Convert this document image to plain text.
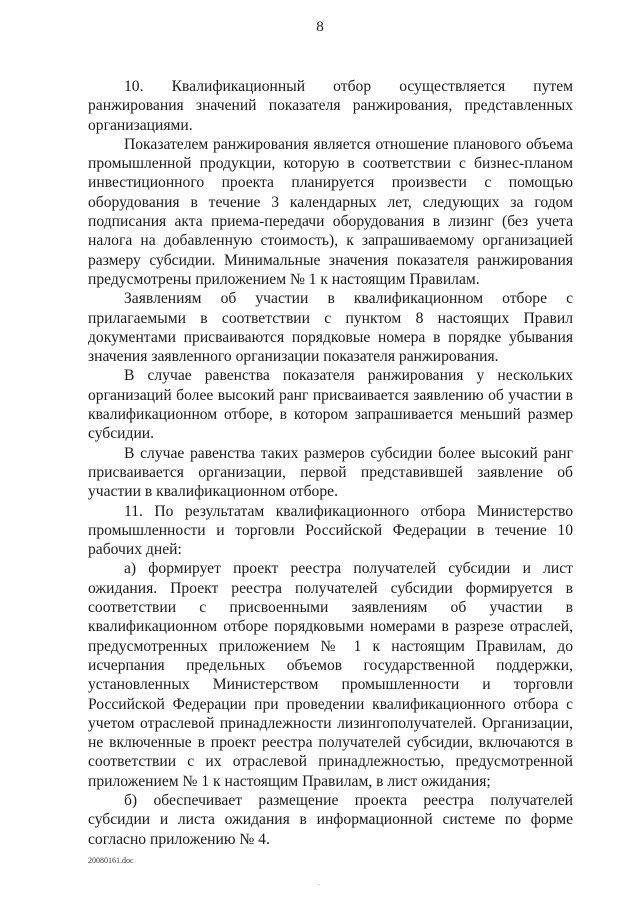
8

10. Квалификационный отбор осуществляется путем ранжирования значений показателя ранжирования, представленных организациями.

Показателем ранжирования является отношение планового объема промышленной продукции, которую в соответствии с бизнес-планом инвестиционного проекта планируется произвести с помощью оборудования в течение 3 календарных лет, следующих за годом подписания акта приема-передачи оборудования в лизинг (без учета налога на добавленную стоимость), к запрашиваемому организацией размеру субсидии. Минимальные значения показателя ранжирования предусмотрены приложением № 1 к настоящим Правилам.

Заявлениям об участии в квалификационном отборе с прилагаемыми в соответствии с пунктом 8 настоящих Правил документами присваиваются порядковые номера в порядке убывания значения заявленного организации показателя ранжирования.

В случае равенства показателя ранжирования у нескольких организаций более высокий ранг присваивается заявлению об участии в квалификационном отборе, в котором запрашивается меньший размер субсидии.

В случае равенства таких размеров субсидии более высокий ранг присваивается организации, первой представившей заявление об участии в квалификационном отборе.

11. По результатам квалификационного отбора Министерство промышленности и торговли Российской Федерации в течение 10 рабочих дней:

а) формирует проект реестра получателей субсидии и лист ожидания. Проект реестра получателей субсидии формируется в соответствии с присвоенными заявлениям об участии в квалификационном отборе порядковыми номерами в разрезе отраслей, предусмотренных приложением № 1 к настоящим Правилам, до исчерпания предельных объемов государственной поддержки, установленных Министерством промышленности и торговли Российской Федерации при проведении квалификационного отбора с учетом отраслевой принадлежности лизингополучателей. Организации, не включенные в проект реестра получателей субсидии, включаются в соответствии с их отраслевой принадлежностью, предусмотренной приложением № 1 к настоящим Правилам, в лист ожидания;

б) обеспечивает размещение проекта реестра получателей субсидии и листа ожидания в информационной системе по форме согласно приложению № 4.

20080161.doc
.
